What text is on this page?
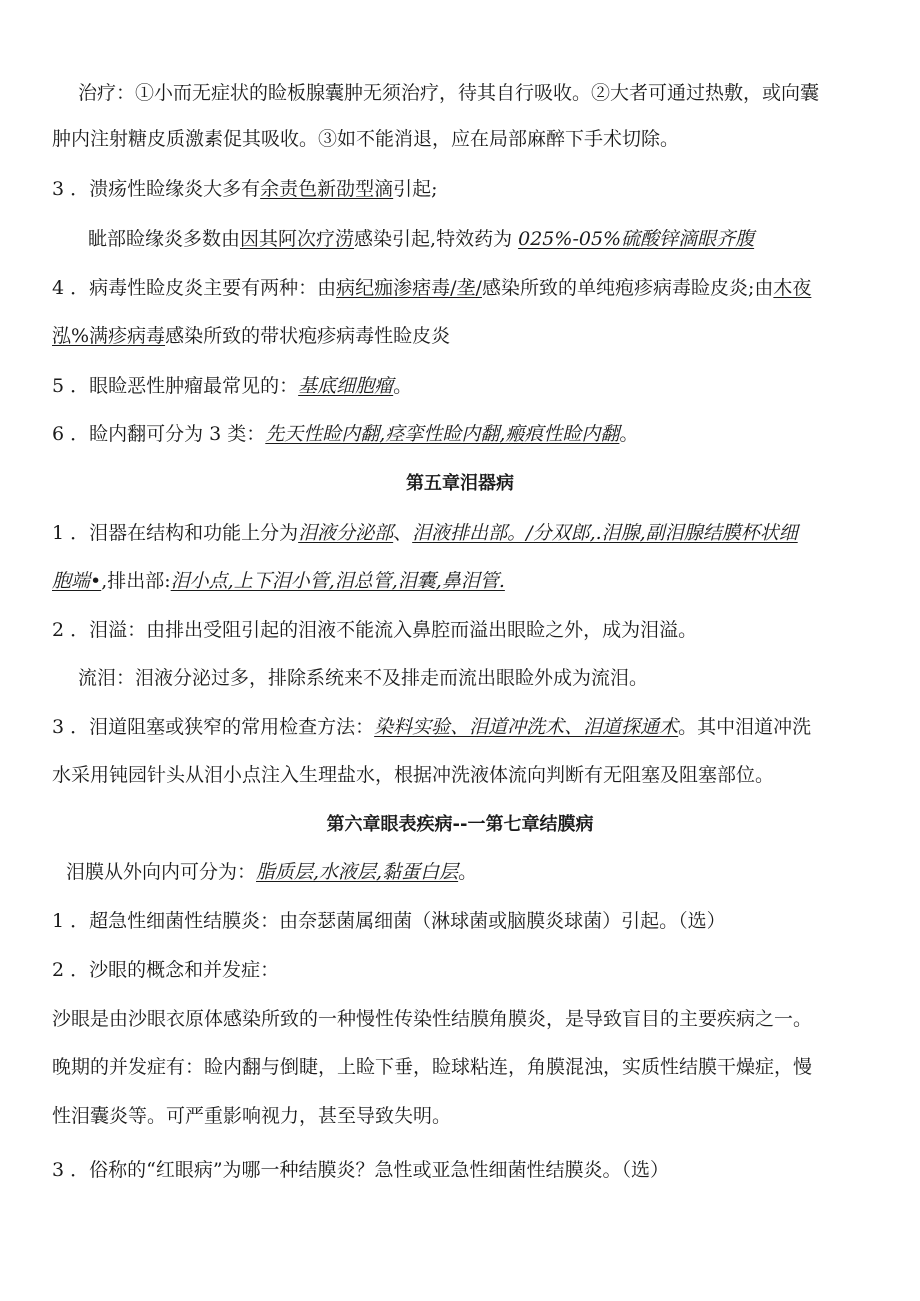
治疗：①小而无症状的睑板腺囊肿无须治疗，待其自行吸收。②大者可通过热敷，或向囊
肿内注射糖皮质激素促其吸收。③如不能消退，应在局部麻醉下手术切除。
3 ．溃疡性睑缘炎大多有余责色新劭型滴引起;
眦部睑缘炎多数由因其阿次疗涝感染引起,特效药为 025%-05%硫酸锌滴眼齐腹
4 ．病毒性睑皮炎主要有两种：由病纪痂渗痞毒/垄/感染所致的单纯疱疹病毒睑皮炎;由木夜
泓%满疹病毒感染所致的带状疱疹病毒性睑皮炎
5 ．眼睑恶性肿瘤最常见的：基底细胞瘤。
6 ．睑内翻可分为 3 类：先天性睑内翻,痉挛性睑内翻,瘢痕性睑内翻。
第五章泪器病
1 ．泪器在结构和功能上分为泪液分泌部、泪液排出部。/分双郎,.泪腺,副泪腺结膜杯状细
胞端•,排出部:泪小点,上下泪小管,泪总管,泪囊,鼻泪管.
2 ．泪溢：由排出受阻引起的泪液不能流入鼻腔而溢出眼睑之外，成为泪溢。
流泪：泪液分泌过多，排除系统来不及排走而流出眼睑外成为流泪。
3 ．泪道阻塞或狭窄的常用检查方法：染料实验、泪道冲洗术、泪道探通术。其中泪道冲洗
水采用钝园针头从泪小点注入生理盐水，根据冲洗液体流向判断有无阻塞及阻塞部位。
第六章眼表疾病--一第七章结膜病
泪膜从外向内可分为：脂质层,水液层,黏蛋白层。
1 ．超急性细菌性结膜炎：由奈瑟菌属细菌（淋球菌或脑膜炎球菌）引起。（选）
2 ．沙眼的概念和并发症：
沙眼是由沙眼衣原体感染所致的一种慢性传染性结膜角膜炎，是导致盲目的主要疾病之一。
晚期的并发症有：睑内翻与倒睫，上睑下垂，睑球粘连，角膜混浊，实质性结膜干燥症，慢
性泪囊炎等。可严重影响视力，甚至导致失明。
3 ．俗称的“红眼病”为哪一种结膜炎？急性或亚急性细菌性结膜炎。（选）
